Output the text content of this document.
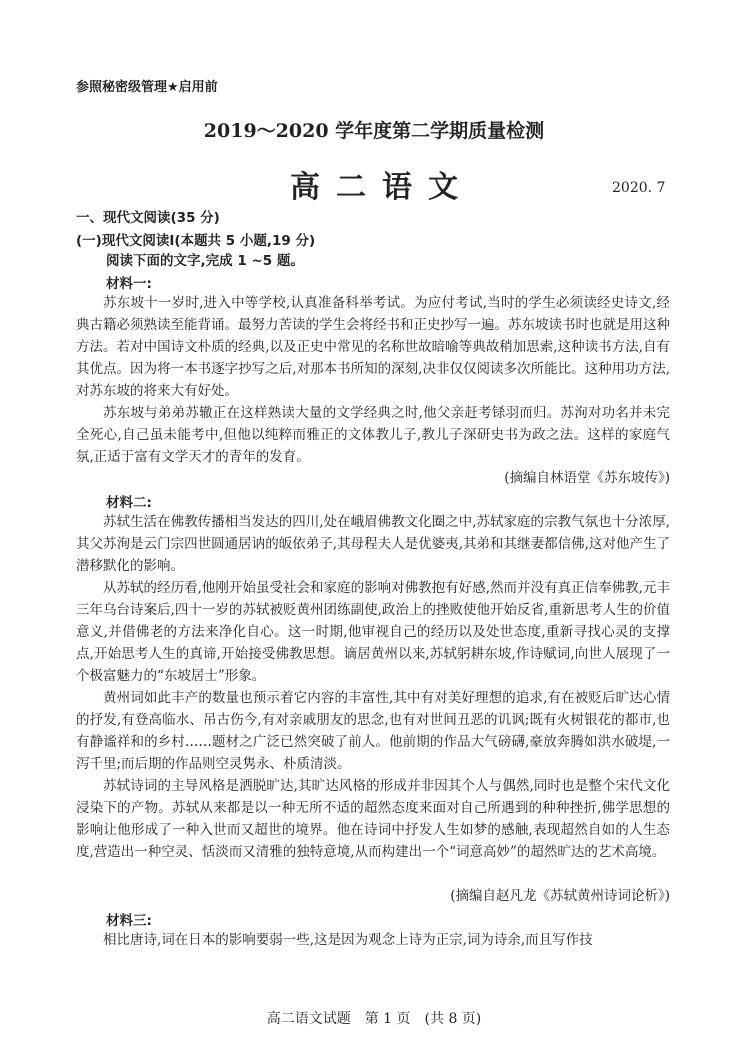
参照秘密级管理★启用前
2019～2020 学年度第二学期质量检测
高二语文	2020. 7
一、现代文阅读(35 分)
(一)现代文阅读Ⅰ(本题共 5 小题,19 分)
阅读下面的文字,完成 1 ~5 题。
材料一:

苏东坡十一岁时,进入中等学校,认真准备科举考试。为应付考试,当时的学生必须读经史诗文,经典古籍必须熟读至能背诵。最努力苦读的学生会将经书和正史抄写一遍。苏东坡读书时也就是用这种方法。若对中国诗文朴质的经典,以及正史中常见的名称世故暗喻等典故稍加思索,这种读书方法,自有其优点。因为将一本书逐字抄写之后,对那本书所知的深刻,决非仅仅阅读多次所能比。这种用功方法,对苏东坡的将来大有好处。

苏东坡与弟弟苏辙正在这样熟读大量的文学经典之时,他父亲赶考铩羽而归。苏洵对功名并未完全死心,自己虽未能考中,但他以纯粹而雅正的文体教儿子,教儿子深研史书为政之法。这样的家庭气氛,正适于富有文学天才的青年的发育。

(摘编自林语堂《苏东坡传》)
材料二:

苏轼生活在佛教传播相当发达的四川,处在峨眉佛教文化圈之中,苏轼家庭的宗教气氛也十分浓厚,其父苏洵是云门宗四世圆通居讷的皈依弟子,其母程夫人是优婆夷,其弟和其继妻都信佛,这对他产生了潜移默化的影响。

从苏轼的经历看,他刚开始虽受社会和家庭的影响对佛教抱有好感,然而并没有真正信奉佛教,元丰三年乌台诗案后,四十一岁的苏轼被贬黄州团练副使,政治上的挫败使他开始反省,重新思考人生的价值意义,并借佛老的方法来净化自心。这一时期,他审视自己的经历以及处世态度,重新寻找心灵的支撑点,开始思考人生的真谛,开始接受佛教思想。谪居黄州以来,苏轼躬耕东坡,作诗赋词,向世人展现了一个极富魅力的“东坡居士”形象。

黄州词如此丰产的数量也预示着它内容的丰富性,其中有对美好理想的追求,有在被贬后旷达心情的抒发,有登高临水、吊古伤今,有对亲戚朋友的思念,也有对世间丑恶的讥讽;既有火树银花的都市,也有静谧祥和的乡村……题材之广泛已然突破了前人。他前期的作品大气磅礴,豪放奔腾如洪水破堤,一泻千里;而后期的作品则空灵隽永、朴质清淡。

苏轼诗词的主导风格是洒脱旷达,其旷达风格的形成并非因其个人与偶然,同时也是整个宋代文化浸染下的产物。苏轼从来都是以一种无所不适的超然态度来面对自己所遇到的种种挫折,佛学思想的影响让他形成了一种入世而又超世的境界。他在诗词中抒发人生如梦的感触,表现超然自如的人生态度,营造出一种空灵、恬淡而又清雅的独特意境,从而构建出一个“词意高妙”的超然旷达的艺术高境。

(摘编自赵凡龙《苏轼黄州诗词论析》)
材料三:

相比唐诗,词在日本的影响要弱一些,这是因为观念上诗为正宗,词为诗余,而且写作技

高二语文试题　第 1 页　(共 8 页)
